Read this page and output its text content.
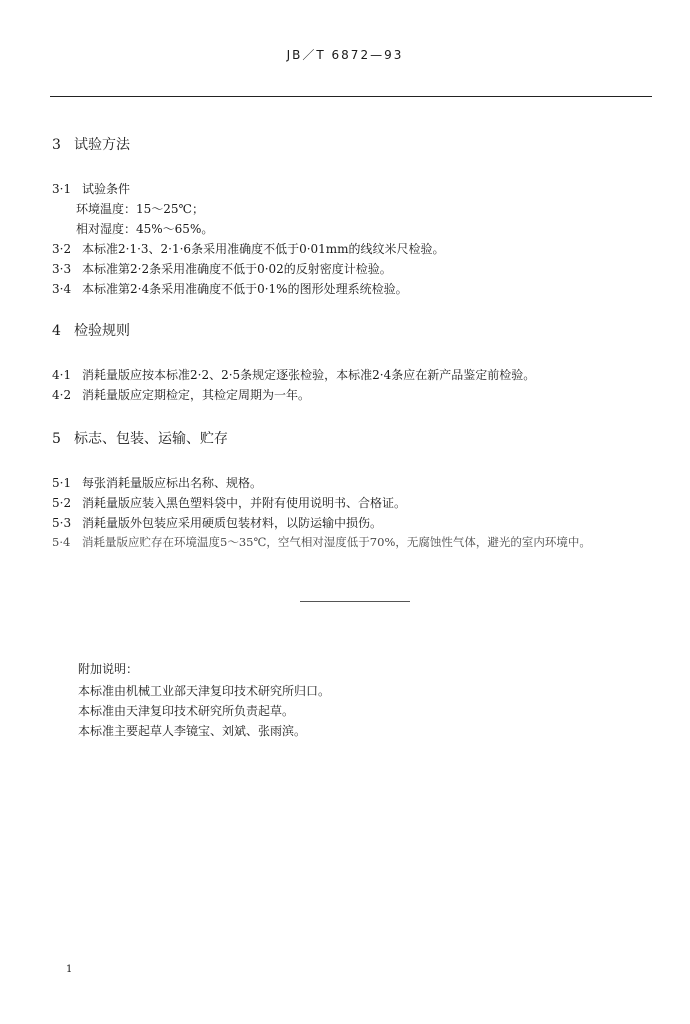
JB／T 6872—93
3 试验方法
3·1 试验条件
环境温度：15～25℃；
相对湿度：45%～65%。
3·2 本标准2·1·3、2·1·6条采用准确度不低于0·01mm的线纹米尺检验。
3·3 本标准第2·2条采用准确度不低于0·02的反射密度计检验。
3·4 本标准第2·4条采用准确度不低于0·1%的图形处理系统检验。
4 检验规则
4·1 消耗量版应按本标准2·2、2·5条规定逐张检验，本标准2·4条应在新产品鉴定前检验。
4·2 消耗量版应定期检定，其检定周期为一年。
5 标志、包装、运输、贮存
5·1 每张消耗量版应标出名称、规格。
5·2 消耗量版应装入黑色塑料袋中，并附有使用说明书、合格证。
5·3 消耗量版外包装应采用硬质包装材料，以防运输中损伤。
5·4 消耗量版应贮存在环境温度5～35℃，空气相对湿度低于70%，无腐蚀性气体，避光的室内环境中。
附加说明：
本标准由机械工业部天津复印技术研究所归口。
本标准由天津复印技术研究所负责起草。
本标准主要起草人李镜宝、刘斌、张雨滨。
1
